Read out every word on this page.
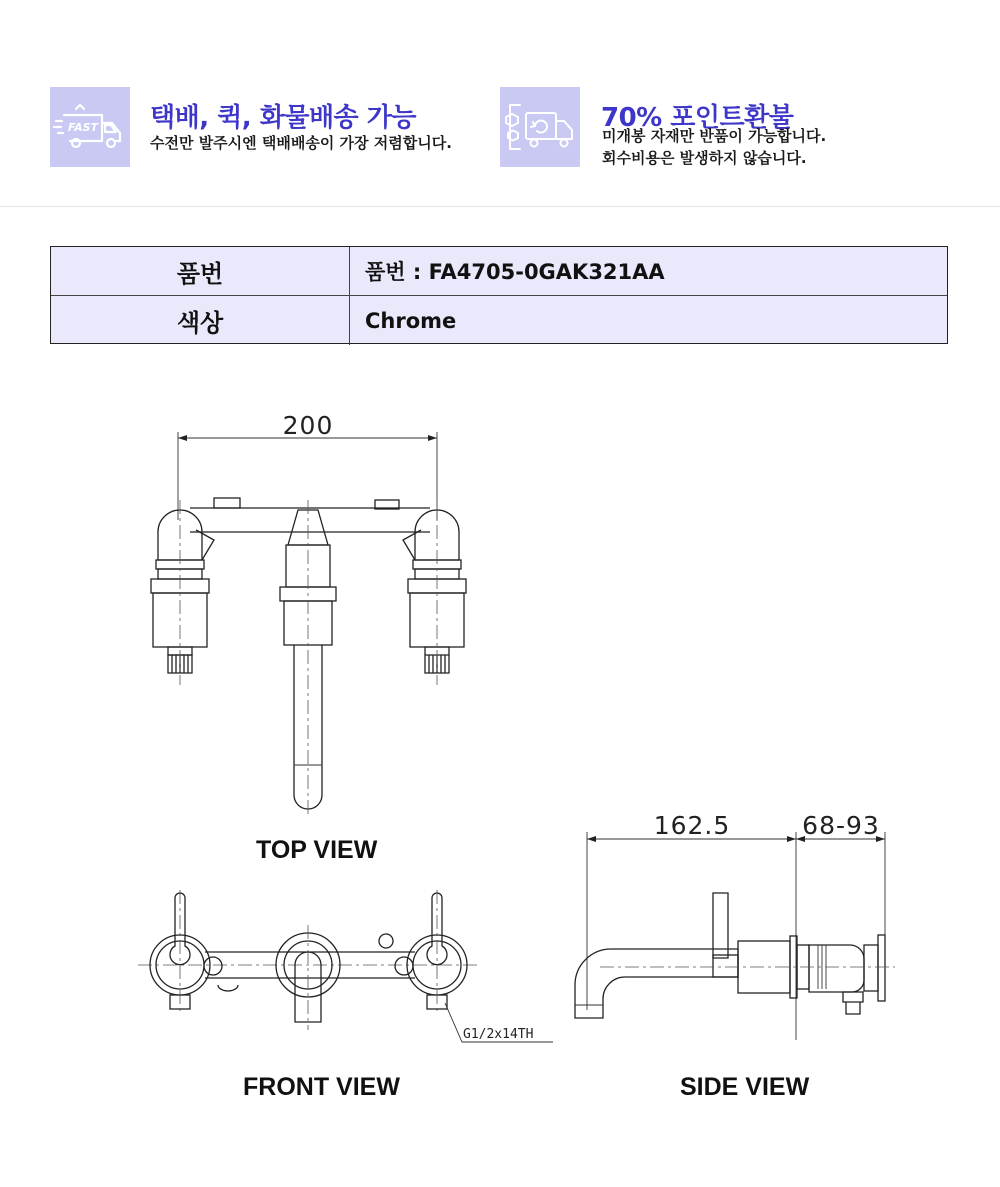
FAST 택배, 퀵, 화물배송 가능
수전만 발주시엔 택배배송이 가장 저렴합니다.
70% 포인트환불
미개봉 자재만 반품이 가능합니다.
회수비용은 발생하지 않습니다.
품번	품번 : FA4705-0GAK321AA
색상	Chrome
200
G1/2x14TH
162.5	68-93
TOP VIEW
FRONT VIEW	SIDE VIEW
